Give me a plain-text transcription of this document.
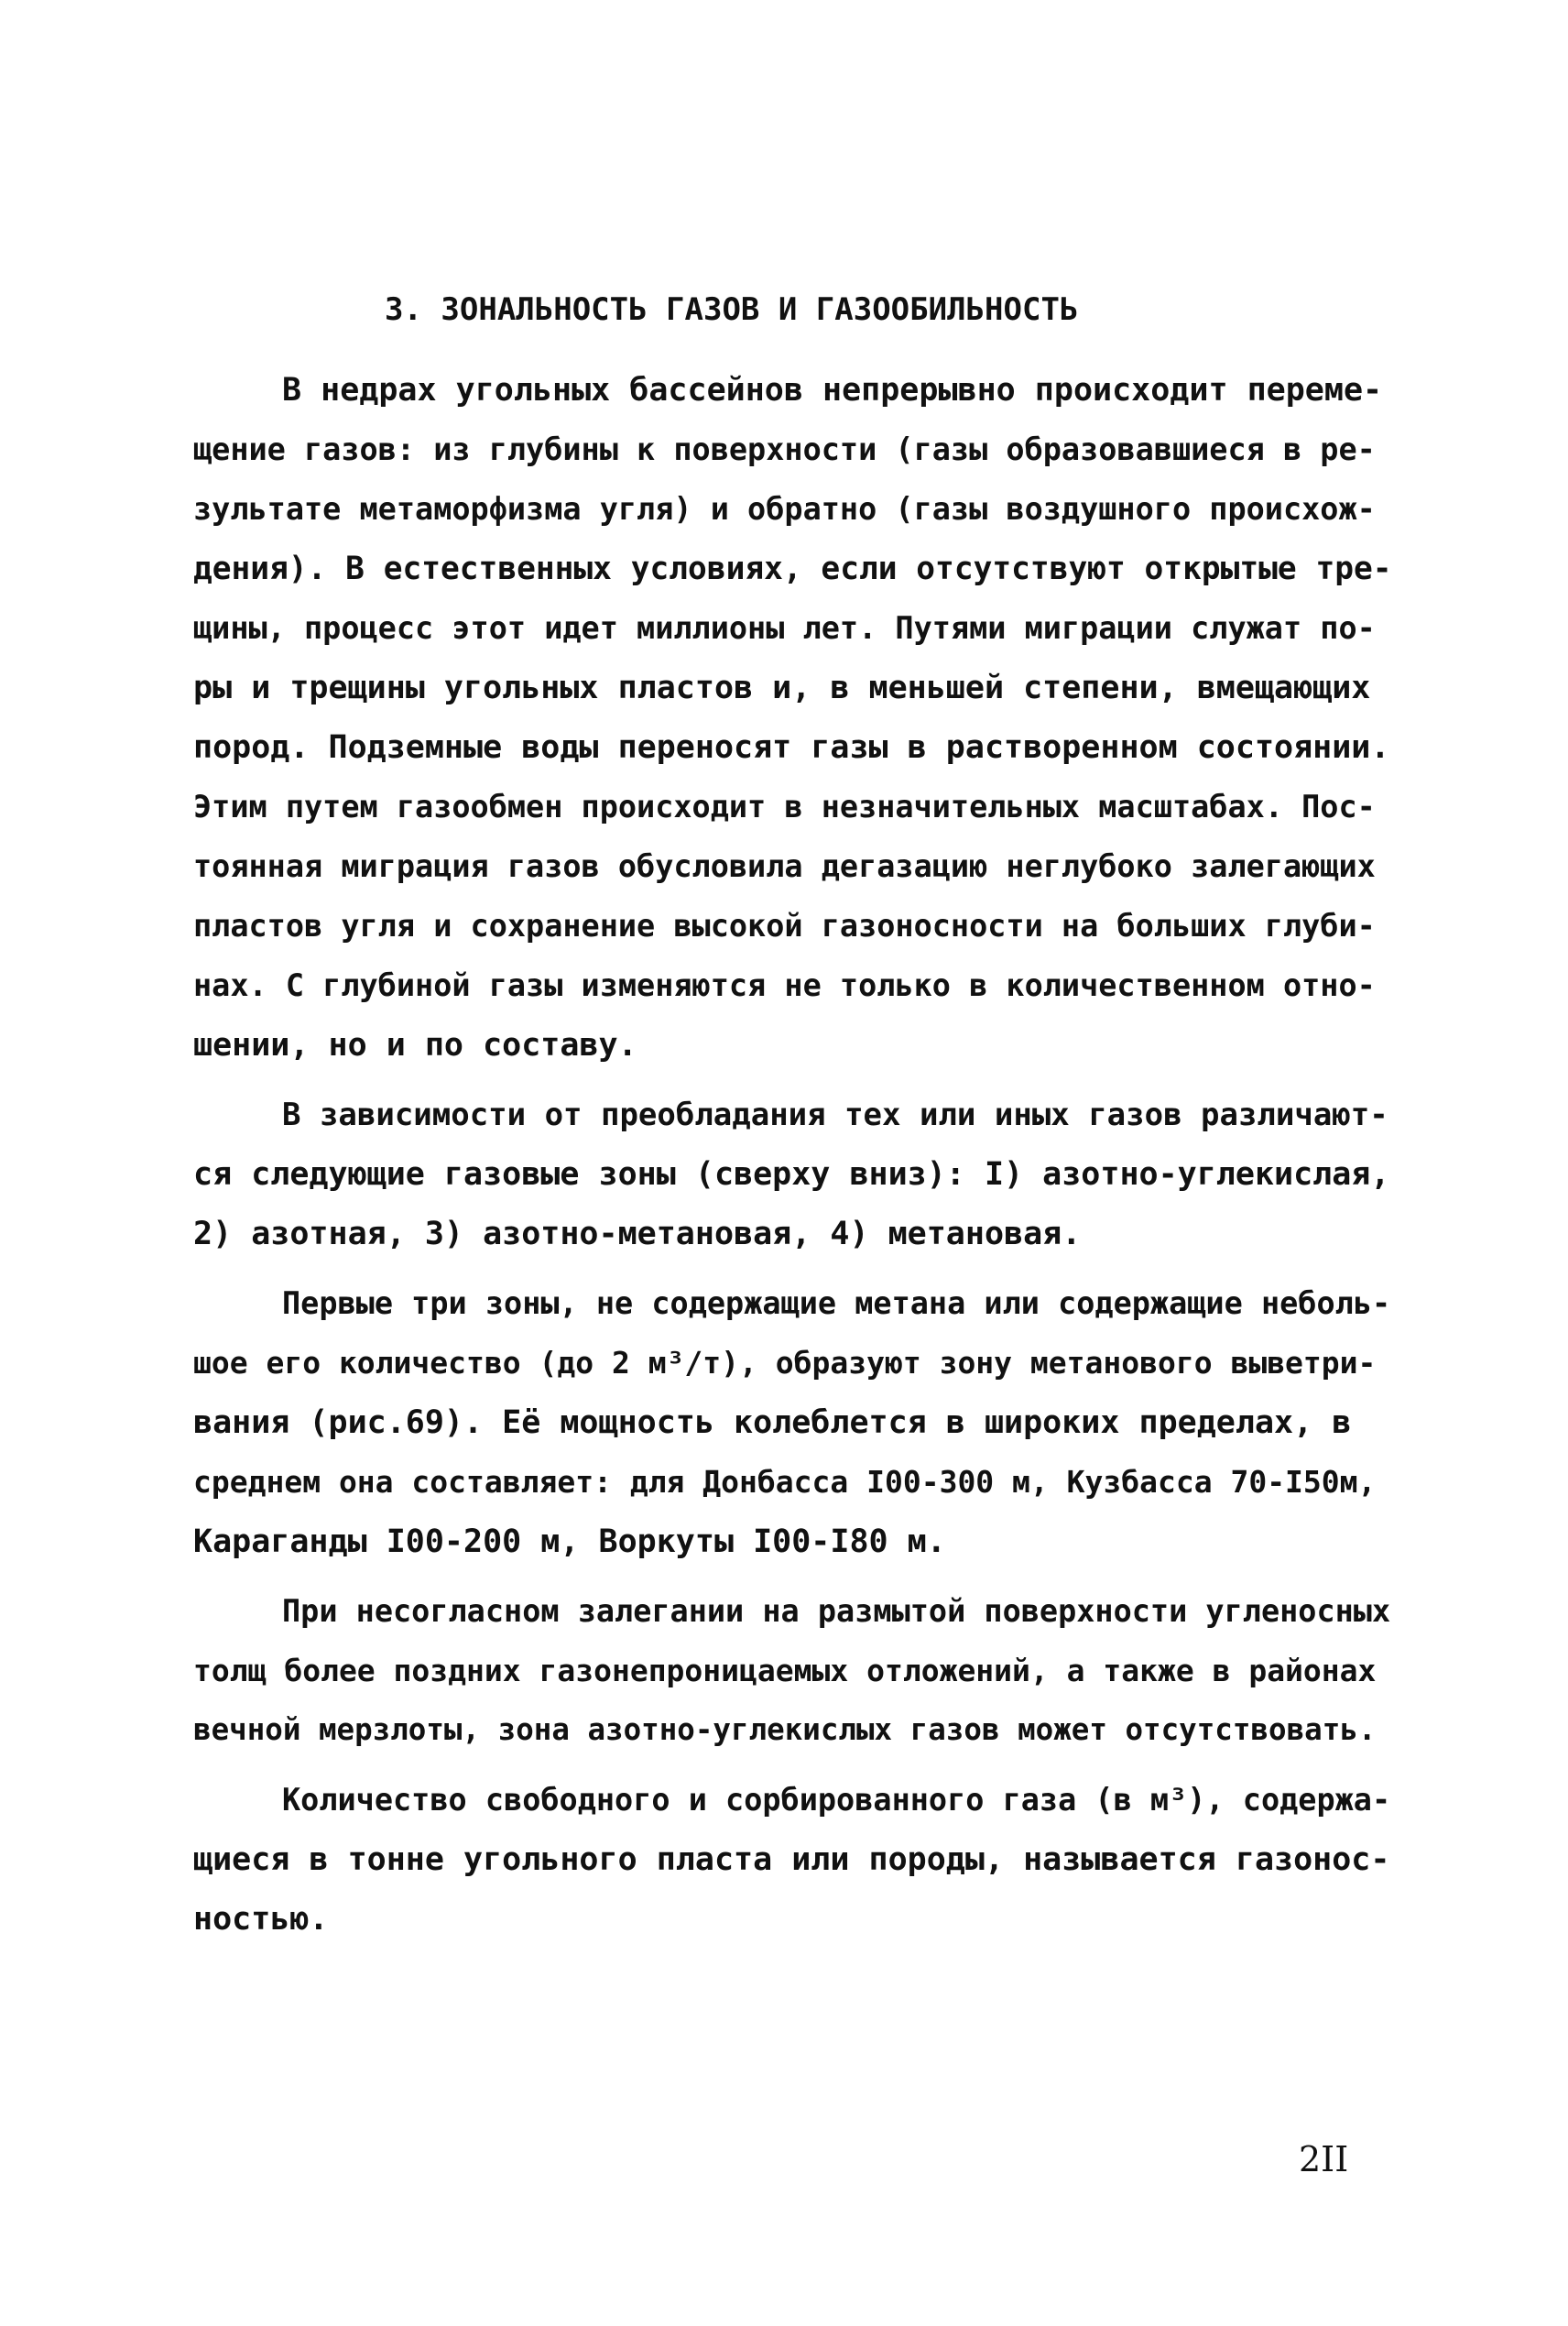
3. ЗОНАЛЬНОСТЬ ГАЗОВ И ГАЗООБИЛЬНОСТЬ
В недрах угольных бассейнов непрерывно происходит переме-
щение газов: из глубины к поверхности (газы образовавшиеся в ре-
зультате метаморфизма угля) и обратно (газы воздушного происхож-
дения). В естественных условиях, если отсутствуют открытые тре-
щины, процесс этот идет миллионы лет. Путями миграции служат по-
ры и трещины угольных пластов и, в меньшей степени, вмещающих
пород. Подземные воды переносят газы в растворенном состоянии.
Этим путем газообмен происходит в незначительных масштабах. Пос-
тоянная миграция газов обусловила дегазацию неглубоко залегающих
пластов угля и сохранение высокой газоносности на больших глуби-
нах. С глубиной газы изменяются не только в количественном отно-
шении, но и по составу.
В зависимости от преобладания тех или иных газов различают-
ся следующие газовые зоны (сверху вниз): I) азотно-углекислая,
2) азотная, 3) азотно-метановая, 4) метановая.
Первые три зоны, не содержащие метана или содержащие неболь-
шое его количество (до 2 м³/т), образуют зону метанового выветри-
вания (рис.69). Её мощность колеблется в широких пределах, в
среднем она составляет: для Донбасса I00-300 м, Кузбасса 70-I50м,
Караганды I00-200 м, Воркуты I00-I80 м.
При несогласном залегании на размытой поверхности угленосных
толщ более поздних газонепроницаемых отложений, а также в районах
вечной мерзлоты, зона азотно-углекислых газов может отсутствовать.
Количество свободного и сорбированного газа (в м³), содержа-
щиеся в тонне угольного пласта или породы, называется газонос-
ностью.
2II
